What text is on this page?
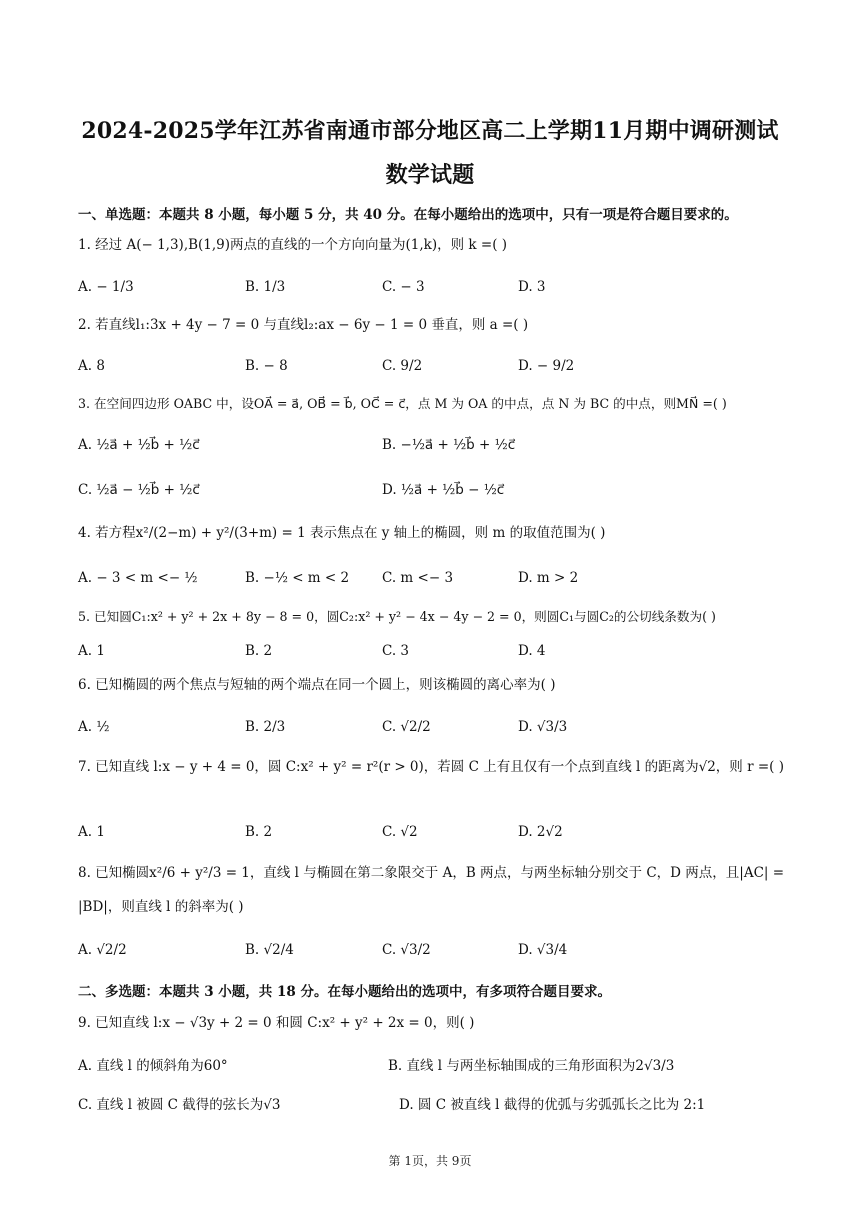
2024-2025学年江苏省南通市部分地区高二上学期11月期中调研测试
数学试题
一、单选题：本题共 8 小题，每小题 5 分，共 40 分。在每小题给出的选项中，只有一项是符合题目要求的。
1. 经过 A(− 1,3),B(1,9)两点的直线的一个方向向量为(1,k)，则 k =( )
A. − 1/3	B. 1/3	C. − 3	D. 3
2. 若直线l₁:3x + 4y − 7 = 0 与直线l₂:ax − 6y − 1 = 0 垂直，则 a =( )
A. 8	B. − 8	C. 9/2	D. − 9/2
3. 在空间四边形 OABC 中，设OA⃗ = a⃗, OB⃗ = b⃗, OC⃗ = c⃗，点 M 为 OA 的中点，点 N 为 BC 的中点，则MN⃗ =( )
A. ½a⃗ + ½b⃗ + ½c⃗	B. −½a⃗ + ½b⃗ + ½c⃗
C. ½a⃗ − ½b⃗ + ½c⃗	D. ½a⃗ + ½b⃗ − ½c⃗
4. 若方程x²/(2−m) + y²/(3+m) = 1 表示焦点在 y 轴上的椭圆，则 m 的取值范围为( )
A. − 3 < m <− ½	B. −½ < m < 2 C. m <− 3	D. m > 2
5. 已知圆C₁:x² + y² + 2x + 8y − 8 = 0，圆C₂:x² + y² − 4x − 4y − 2 = 0，则圆C₁与圆C₂的公切线条数为( )
A. 1	B. 2	C. 3	D. 4
6. 已知椭圆的两个焦点与短轴的两个端点在同一个圆上，则该椭圆的离心率为( )
A. ½	B. 2/3	C. √2/2	D. √3/3
7. 已知直线 l:x − y + 4 = 0，圆 C:x² + y² = r²(r > 0)，若圆 C 上有且仅有一个点到直线 l 的距离为√2，则 r =( )
A. 1	B. 2	C. √2	D. 2√2
8. 已知椭圆x²/6 + y²/3 = 1，直线 l 与椭圆在第二象限交于 A，B 两点，与两坐标轴分别交于 C，D 两点，且|AC| = |BD|，则直线 l 的斜率为( )
A. √2/2	B. √2/4	C. √3/2	D. √3/4
二、多选题：本题共 3 小题，共 18 分。在每小题给出的选项中，有多项符合题目要求。
9. 已知直线 l:x − √3y + 2 = 0 和圆 C:x² + y² + 2x = 0，则( )
A. 直线 l 的倾斜角为60°	B. 直线 l 与两坐标轴围成的三角形面积为2√3/3
C. 直线 l 被圆 C 截得的弦长为√3	D. 圆 C 被直线 l 截得的优弧与劣弧弧长之比为 2:1
第 1页，共 9页
